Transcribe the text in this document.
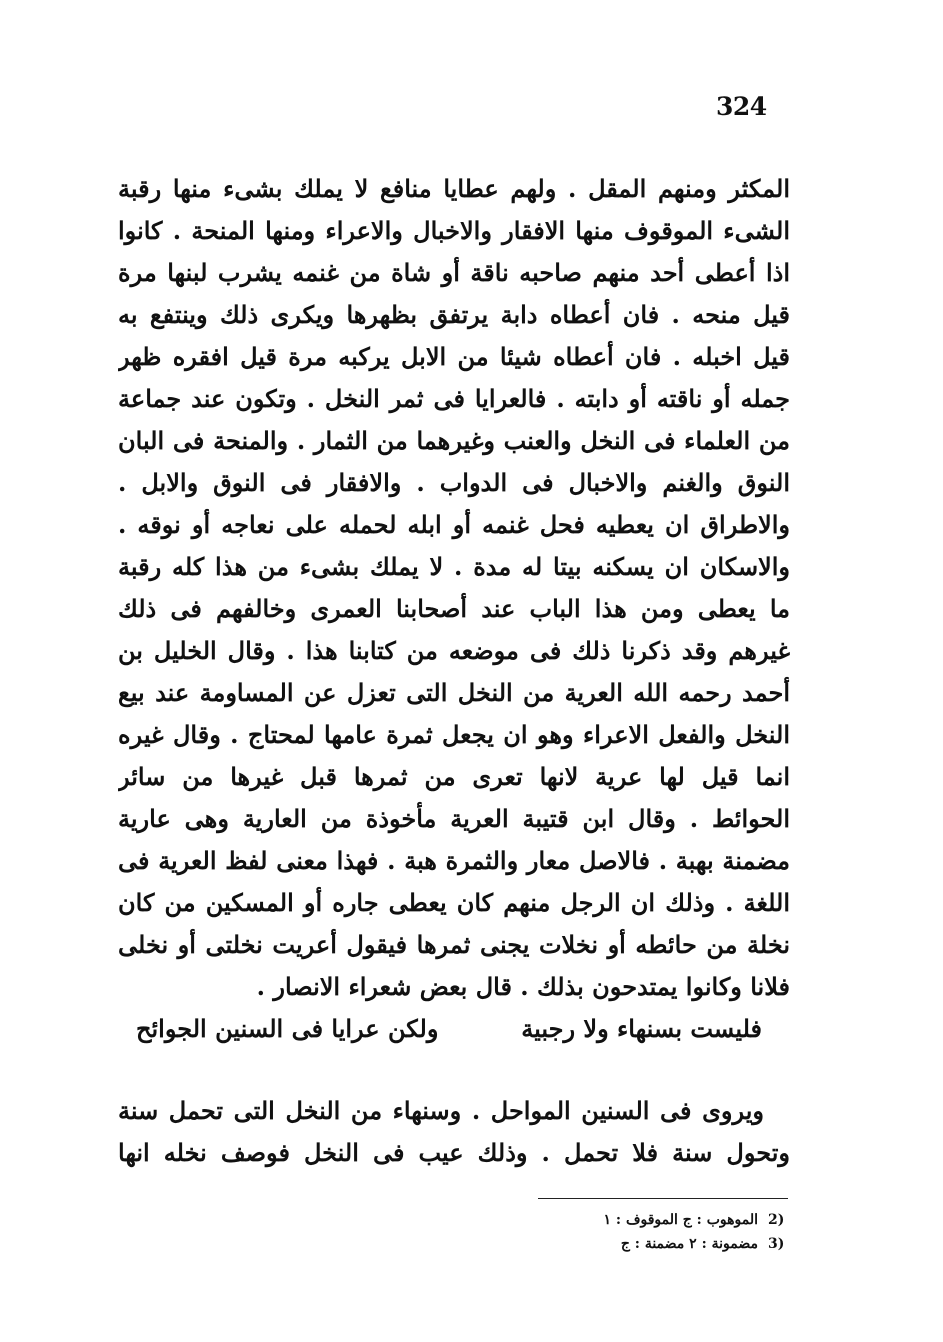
324
المكثر ومنهم المقل . ولهم عطايا منافع لا يملك بشىء منها رقبة
الشىء الموقوف منها الافقار والاخبال والاعراء ومنها المنحة . كانوا
اذا أعطى أحد منهم صاحبه ناقة أو شاة من غنمه يشرب لبنها مرة
قيل منحه . فان أعطاه دابة يرتفق بظهرها ويكرى ذلك وينتفع به
قيل اخبله . فان أعطاه شيئا من الابل يركبه مرة قيل افقره ظهر
جمله أو ناقته أو دابته . فالعرايا فى ثمر النخل . وتكون عند جماعة
من العلماء فى النخل والعنب وغيرهما من الثمار . والمنحة فى البان
النوق والغنم والاخبال فى الدواب . والافقار فى النوق والابل .
والاطراق ان يعطيه فحل غنمه أو ابله لحمله على نعاجه أو نوقه .
والاسكان ان يسكنه بيتا له مدة . لا يملك بشىء من هذا كله رقبة
ما يعطى ومن هذا الباب عند أصحابنا العمرى وخالفهم فى ذلك
غيرهم وقد ذكرنا ذلك فى موضعه من كتابنا هذا . وقال الخليل بن
أحمد رحمه الله العرية من النخل التى تعزل عن المساومة عند بيع
النخل والفعل الاعراء وهو ان يجعل ثمرة عامها لمحتاج . وقال غيره
انما قيل لها عرية لانها تعرى من ثمرها قبل غيرها من سائر
الحوائط . وقال ابن قتيبة العرية مأخوذة من العارية وهى عارية
مضمنة بهبة . فالاصل معار والثمرة هبة . فهذا معنى لفظ العرية فى
اللغة . وذلك ان الرجل منهم كان يعطى جاره أو المسكين من كان
نخلة من حائطه أو نخلات يجنى ثمرها فيقول أعريت نخلتى أو نخلى
فلانا وكانوا يمتدحون بذلك . قال بعض شعراء الانصار .
فليست بسنهاء ولا رجبية
ولكن عرايا فى السنين الجوائح
ويروى فى السنين المواحل . وسنهاء من النخل التى تحمل سنة
وتحول سنة فلا تحمل . وذلك عيب فى النخل فوصف نخله انها
2)
الموهوب : ج الموقوف : ١
3)
مضمونة : ٢ مضمنة : ج
